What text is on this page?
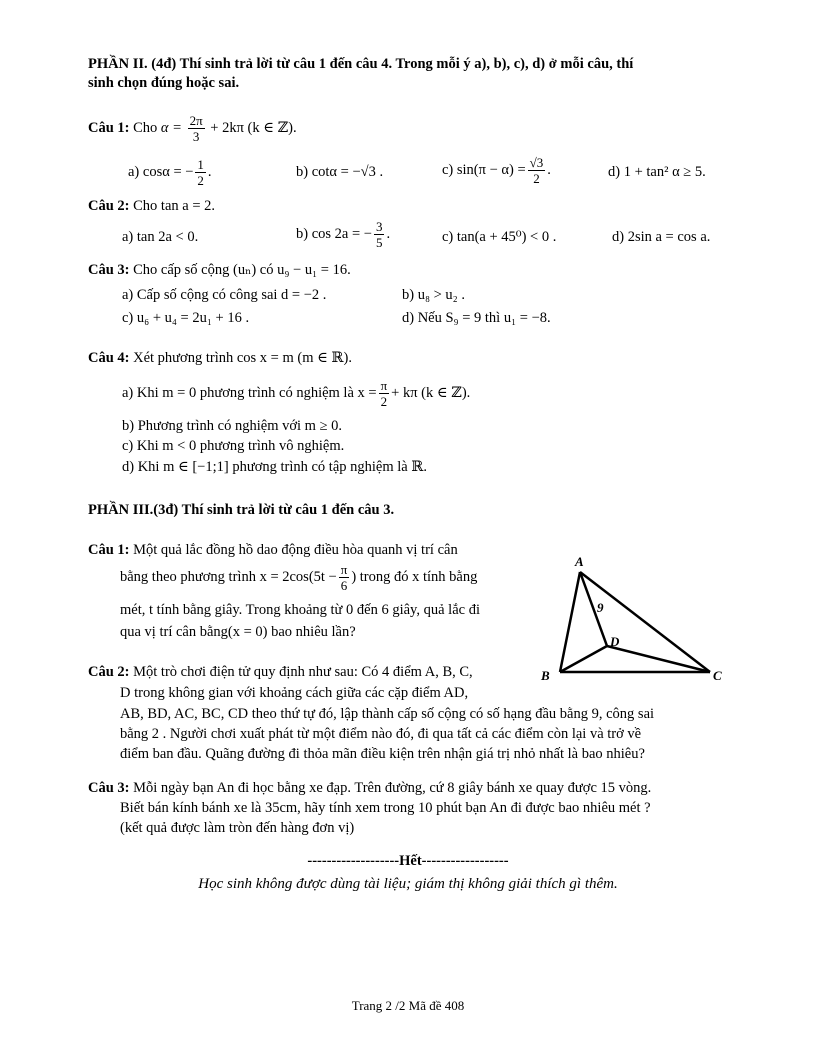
PHẦN II. (4đ) Thí sinh trả lời từ câu 1 đến câu 4. Trong mỗi ý a), b), c), d) ở mỗi câu, thí
sinh chọn đúng hoặc sai.
Câu 1: Cho $\alpha = \frac{2\pi}{3} + 2k\pi$ (k ∈ ℤ).
a) cosα = − $\frac{1}{2}$ .	b) cotα = −√3 .	c) $\sin(\pi - \alpha) = \frac{√3}{2}$ .	d) 1 + tan² α ≥ 5.
Câu 2: Cho tan a = 2.
a) tan 2a < 0.	b) cos 2a = − $\frac{3}{5}$ .	c) tan(a + 45⁰) < 0 .	d) 2sin a = cos a.
Câu 3: Cho cấp số cộng (uₙ) có u₉ − u₁ = 16.
a) Cấp số cộng có công sai d = −2 .	b) u₈ > u₂ .
c) u₆ + u₄ = 2u₁ + 16 .	d) Nếu S₉ = 9 thì u₁ = −8.
Câu 4: Xét phương trình cos x = m (m ∈ ℝ).
a) Khi m = 0 phương trình có nghiệm là $x = \frac{\pi}{2} + k\pi$ (k ∈ ℤ).
b) Phương trình có nghiệm với m ≥ 0.
c) Khi m < 0 phương trình vô nghiệm.
d) Khi m ∈ [−1;1] phương trình có tập nghiệm là ℝ.
PHẦN III.(3đ) Thí sinh trả lời từ câu 1 đến câu 3.
Câu 1: Một quả lắc đồng hồ dao động điều hòa quanh vị trí cân
bằng theo phương trình $x = 2\cos(5t - \frac{\pi}{6}$ ) trong đó x tính bằng
mét, t tính bằng giây. Trong khoảng từ 0 đến 6 giây, quả lắc đi
qua vị trí cân bằng(x = 0) bao nhiêu lần?
A
B	C
D
9
Câu 2: Một trò chơi điện tử quy định như sau: Có 4 điểm A, B, C,
D trong không gian với khoảng cách giữa các cặp điểm AD,
AB, BD, AC, BC, CD theo thứ tự đó, lập thành cấp số cộng có số hạng đầu bằng 9, công sai
bằng 2 . Người chơi xuất phát từ một điểm nào đó, đi qua tất cả các điểm còn lại và trở về
điểm ban đầu. Quãng đường đi thỏa mãn điều kiện trên nhận giá trị nhỏ nhất là bao nhiêu?
Câu 3: Mỗi ngày bạn An đi học bằng xe đạp. Trên đường, cứ 8 giây bánh xe quay được 15 vòng.
Biết bán kính bánh xe là 35cm, hãy tính xem trong 10 phút bạn An đi được bao nhiêu mét ?
(kết quả được làm tròn đến hàng đơn vị)
-------------------Hết------------------
Học sinh không được dùng tài liệu; giám thị không giải thích gì thêm.
Trang 2 /2 Mã đề 408
